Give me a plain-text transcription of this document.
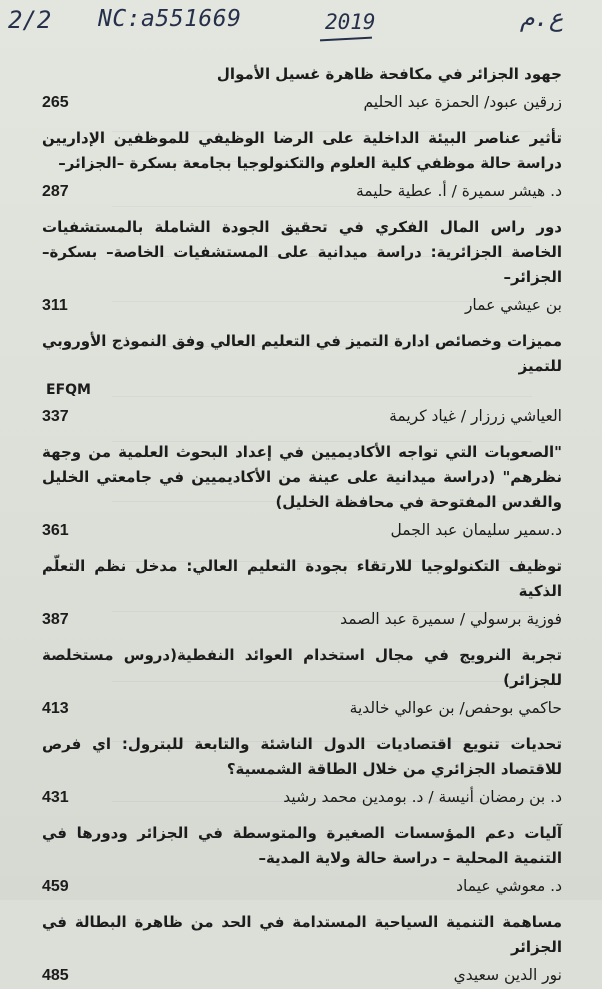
2/2 NC:a551669	2019	ع.م

جهود الجزائر في مكافحة ظاهرة غسيل الأموال

زرقين عبود/ الحمزة عبد الحليم
265

تأثير عناصر البيئة الداخلية على الرضا الوظيفي للموظفين الإداريين دراسة حالة موظفي كلية العلوم والتكنولوجيا بجامعة بسكرة –الجزائر–

د. هيشر سميرة / أ. عطية حليمة
287

دور راس المال الفكري في تحقيق الجودة الشاملة بالمستشفيات الخاصة الجزائرية: دراسة ميدانية على المستشفيات الخاصة– بسكرة– الجزائر–

بن عيشي عمار
311

مميزات وخصائص ادارة التميز في التعليم العالي وفق النموذج الأوروبي للتميز

EFQM
العياشي زرزار / غياد كريمة
337

"الصعوبات التي تواجه الأكاديميين في إعداد البحوث العلمية من وجهة نظرهم" (دراسة ميدانية على عينة من الأكاديميين في جامعتي الخليل والقدس المفتوحة في محافظة الخليل)

د.سمير سليمان عبد الجمل
361

توظيف التكنولوجيا للارتقاء بجودة التعليم العالي: مدخل نظم التعلّم الذكية

فوزية برسولي / سميرة عبد الصمد
387

تجربة النرويج في مجال استخدام العوائد النفطية(دروس مستخلصة للجزائر)

حاكمي بوحفص/ بن عوالي خالدية
413

تحديات تنويع اقتصاديات الدول الناشئة والتابعة للبترول: اي فرص للاقتصاد الجزائري من خلال الطاقة الشمسية؟

د. بن رمضان أنيسة / د. بومدين محمد رشيد
431

آليات دعم المؤسسات الصغيرة والمتوسطة في الجزائر ودورها في التنمية المحلية – دراسة حالة ولاية المدية–

د. معوشي عيماد
459

مساهمة التنمية السياحية المستدامة في الحد من ظاهرة البطالة في الجزائر

نور الدين سعيدي
485
